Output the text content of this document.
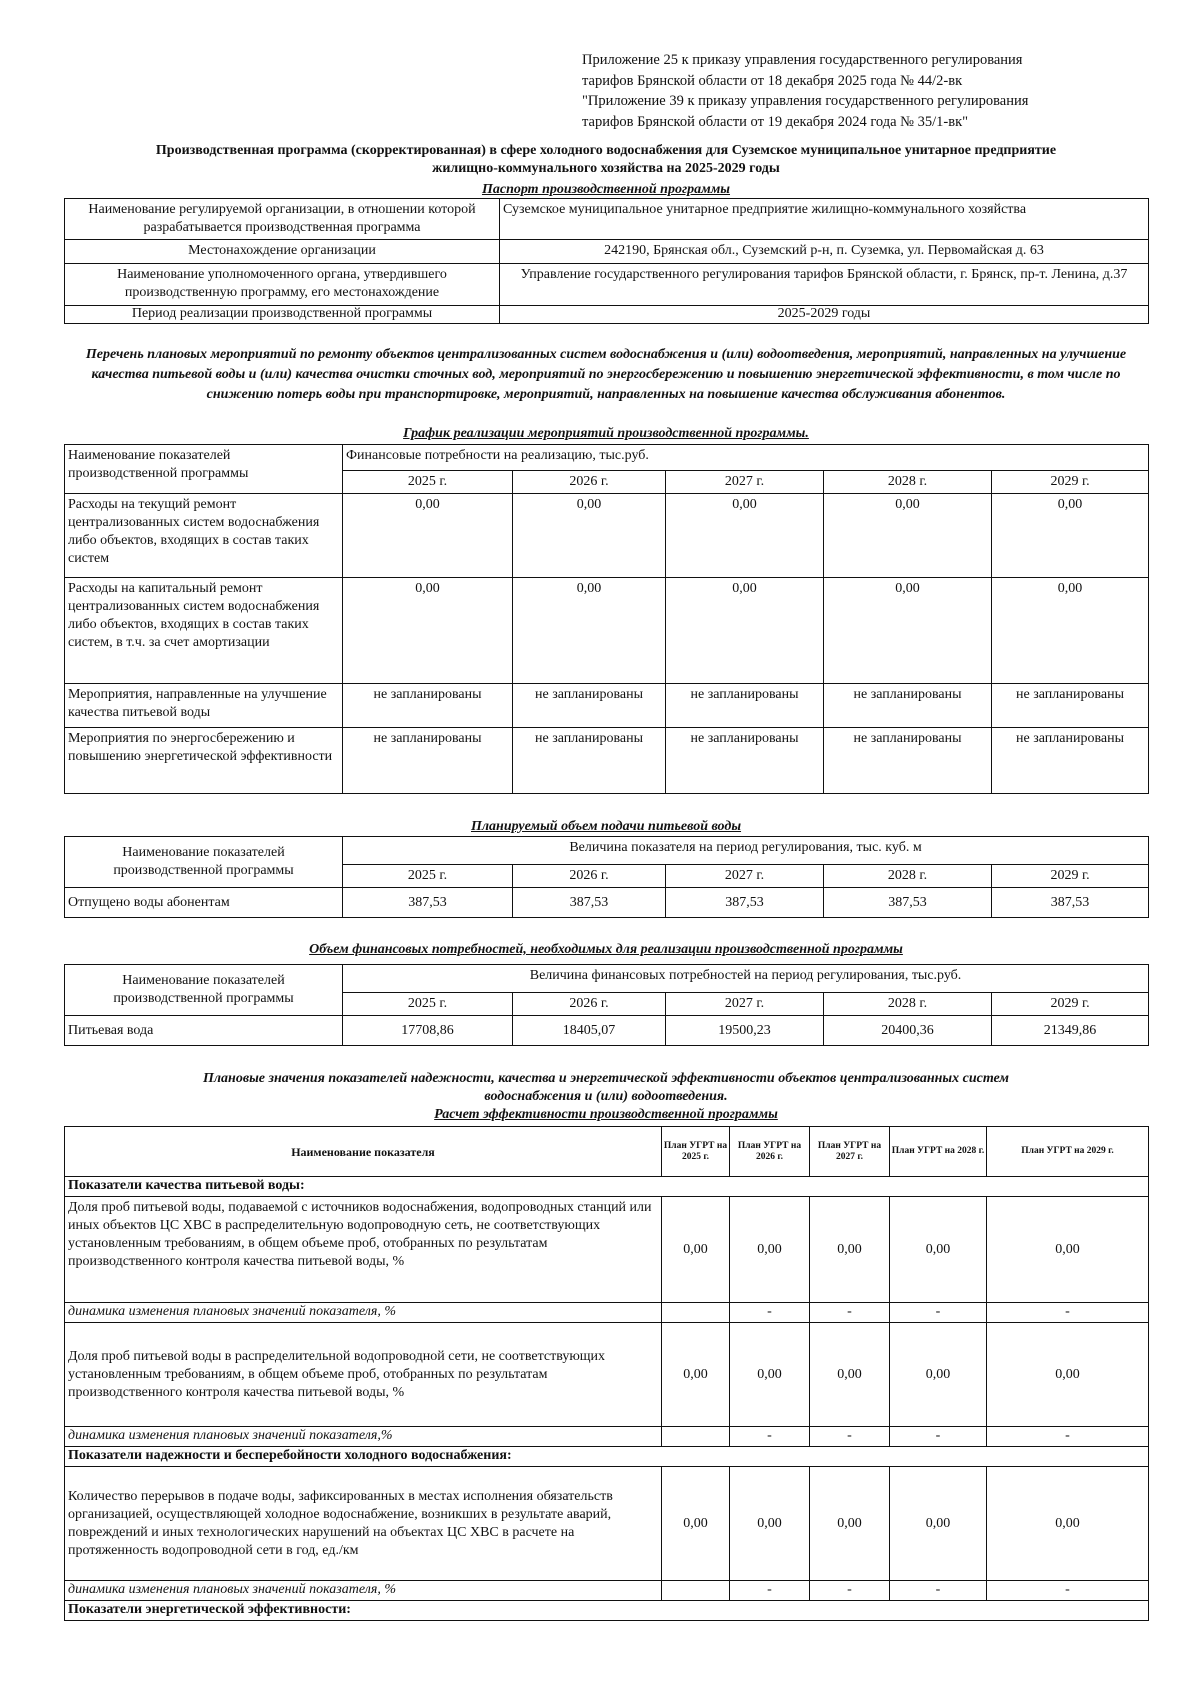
Приложение 25 к приказу управления государственного регулирования
тарифов Брянской области от 18 декабря 2025 года № 44/2-вк
"Приложение 39 к приказу управления государственного регулирования
тарифов Брянской области от 19 декабря 2024 года № 35/1-вк"
Производственная программа (скорректированная) в сфере холодного водоснабжения для Суземское муниципальное унитарное предприятие
жилищно-коммунального хозяйства на 2025-2029 годы
Паспорт производственной программы
Наименование регулируемой организации, в отношении которой разрабатывается производственная программа	Суземское муниципальное унитарное предприятие жилищно-коммунального хозяйства
Местонахождение организации	242190, Брянская обл., Суземский р-н, п. Суземка, ул. Первомайская д. 63
Наименование уполномоченного органа, утвердившего производственную программу, его местонахождение	Управление государственного регулирования тарифов Брянской области, г. Брянск, пр-т. Ленина, д.37
Период реализации производственной программы	2025-2029 годы
Перечень плановых мероприятий по ремонту объектов централизованных систем водоснабжения и (или) водоотведения, мероприятий, направленных на улучшение качества питьевой воды и (или) качества очистки сточных вод, мероприятий по энергосбережению и повышению энергетической эффективности, в том числе по снижению потерь воды при транспортировке, мероприятий, направленных на повышение качества обслуживания абонентов.
График реализации мероприятий производственной программы.
Наименование показателей производственной программы	Финансовые потребности на реализацию, тыс.руб.				
	2025 г.	2026 г.	2027 г.	2028 г.	2029 г.
Расходы на текущий ремонт централизованных систем водоснабжения либо объектов, входящих в состав таких систем	0,00	0,00	0,00	0,00	0,00
Расходы на капитальный ремонт централизованных систем водоснабжения либо объектов, входящих в состав таких систем, в т.ч. за счет амортизации	0,00	0,00	0,00	0,00	0,00
Мероприятия, направленные на улучшение качества питьевой воды	не запланированы	не запланированы	не запланированы	не запланированы	не запланированы
Мероприятия по энергосбережению и повышению энергетической эффективности	не запланированы	не запланированы	не запланированы	не запланированы	не запланированы
Планируемый объем подачи питьевой воды
Наименование показателей производственной программы	Величина показателя на период регулирования, тыс. куб. м				
	2025 г.	2026 г.	2027 г.	2028 г.	2029 г.
Отпущено воды абонентам	387,53	387,53	387,53	387,53	387,53
Объем финансовых потребностей, необходимых для реализации производственной программы
Наименование показателей производственной программы	Величина финансовых потребностей на период регулирования, тыс.руб.				
	2025 г.	2026 г.	2027 г.	2028 г.	2029 г.
Питьевая вода	17708,86	18405,07	19500,23	20400,36	21349,86
Плановые значения показателей надежности, качества и энергетической эффективности объектов централизованных систем
водоснабжения и (или) водоотведения.
Расчет эффективности производственной программы
Наименование показателя	План УГРТ на 2025 г.	План УГРТ на 2026 г.	План УГРТ на 2027 г.	План УГРТ на 2028 г.	План УГРТ на 2029 г.
Показатели качества питьевой воды:					
Доля проб питьевой воды, подаваемой с источников водоснабжения, водопроводных станций или иных объектов ЦС ХВС в распределительную водопроводную сеть, не соответствующих установленным требованиям, в общем объеме проб, отобранных по результатам производственного контроля качества питьевой воды, %	0,00	0,00	0,00	0,00	0,00
динамика изменения плановых значений показателя, %		-	-	-	-
Доля проб питьевой воды в распределительной водопроводной сети, не соответствующих установленным требованиям, в общем объеме проб, отобранных по результатам производственного контроля качества питьевой воды, %	0,00	0,00	0,00	0,00	0,00
динамика изменения плановых значений показателя,%		-	-	-	-
Показатели надежности и бесперебойности холодного водоснабжения:					
Количество перерывов в подаче воды, зафиксированных в местах исполнения обязательств организацией, осуществляющей холодное водоснабжение, возникших в результате аварий, повреждений и иных технологических нарушений на объектах ЦС ХВС в расчете на протяженность водопроводной сети в год, ед./км	0,00	0,00	0,00	0,00	0,00
динамика изменения плановых значений показателя, %		-	-	-	-
Показатели энергетической эффективности:					
